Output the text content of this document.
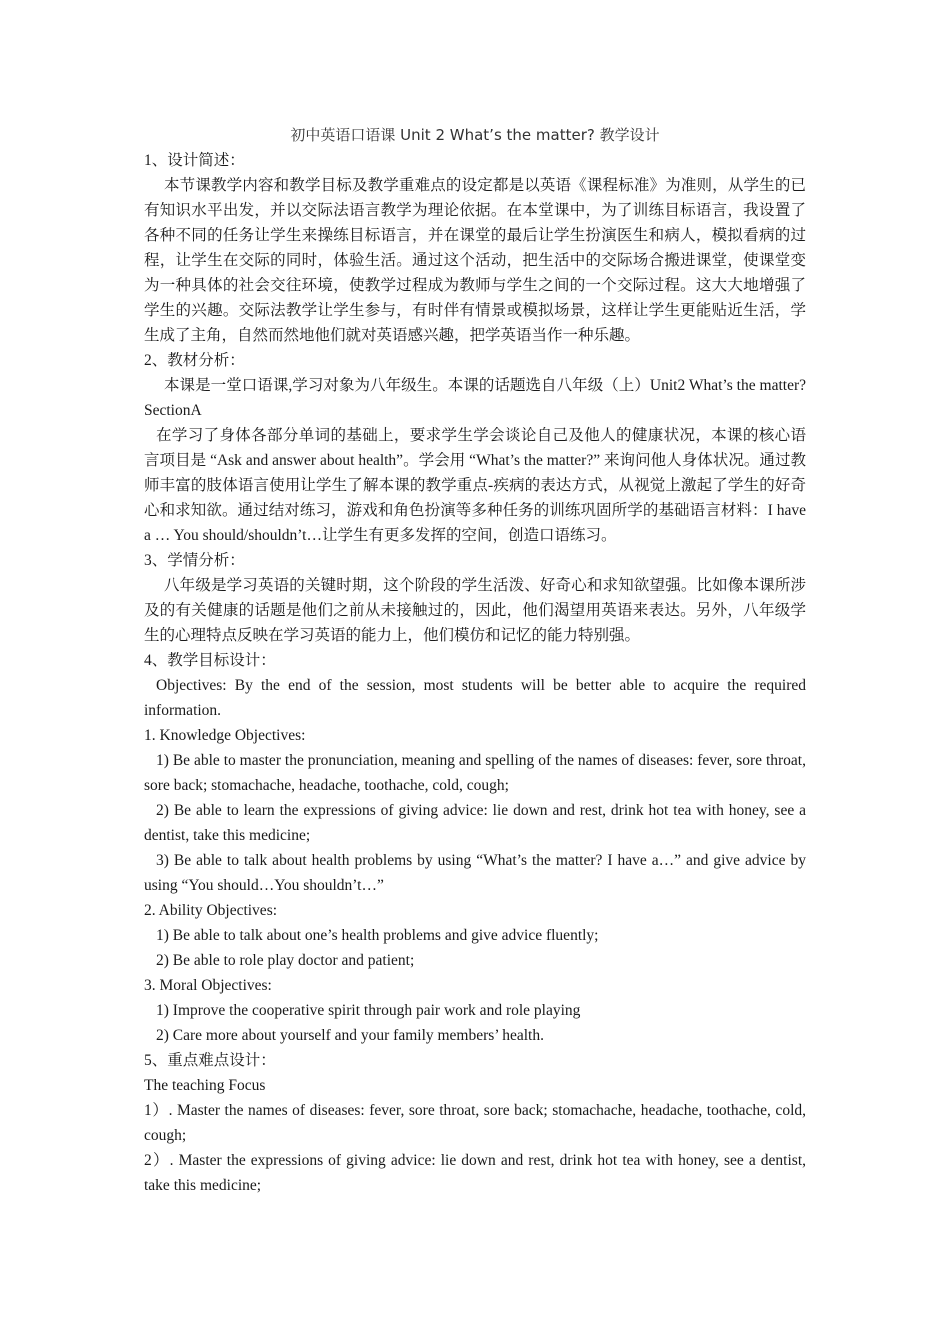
初中英语口语课 Unit 2 What’s the matter? 教学设计

1、设计简述：

本节课教学内容和教学目标及教学重难点的设定都是以英语《课程标准》为准则，从学生的已有知识水平出发，并以交际法语言教学为理论依据。在本堂课中，为了训练目标语言，我设置了各种不同的任务让学生来操练目标语言，并在课堂的最后让学生扮演医生和病人，模拟看病的过程，让学生在交际的同时，体验生活。通过这个活动，把生活中的交际场合搬进课堂，使课堂变为一种具体的社会交往环境，使教学过程成为教师与学生之间的一个交际过程。这大大地增强了学生的兴趣。交际法教学让学生参与，有时伴有情景或模拟场景，这样让学生更能贴近生活，学生成了主角，自然而然地他们就对英语感兴趣，把学英语当作一种乐趣。

2、教材分析：

本课是一堂口语课,学习对象为八年级生。本课的话题选自八年级（上）Unit2 What’s the matter? SectionA

在学习了身体各部分单词的基础上，要求学生学会谈论自己及他人的健康状况，本课的核心语言项目是 “Ask and answer about health”。学会用 “What’s the matter?” 来询问他人身体状况。通过教师丰富的肢体语言使用让学生了解本课的教学重点-疾病的表达方式，从视觉上激起了学生的好奇心和求知欲。通过结对练习，游戏和角色扮演等多种任务的训练巩固所学的基础语言材料：I have a … You should/shouldn’t…让学生有更多发挥的空间，创造口语练习。

3、学情分析：

八年级是学习英语的关键时期，这个阶段的学生活泼、好奇心和求知欲望强。比如像本课所涉及的有关健康的话题是他们之前从未接触过的，因此，他们渴望用英语来表达。另外，八年级学生的心理特点反映在学习英语的能力上，他们模仿和记忆的能力特别强。

4、教学目标设计：

Objectives: By the end of the session, most students will be better able to acquire the required information.

1. Knowledge Objectives:

1) Be able to master the pronunciation, meaning and spelling of the names of diseases: fever, sore throat, sore back; stomachache, headache, toothache, cold, cough;

2) Be able to learn the expressions of giving advice: lie down and rest, drink hot tea with honey, see a dentist, take this medicine;

3) Be able to talk about health problems by using “What’s the matter? I have a…” and give advice by using “You should…You shouldn’t…”

2. Ability Objectives:

1) Be able to talk about one’s health problems and give advice fluently;

2) Be able to role play doctor and patient;

3. Moral Objectives:

1) Improve the cooperative spirit through pair work and role playing

2) Care more about yourself and your family members’ health.

5、重点难点设计：

The teaching Focus

1）. Master the names of diseases: fever, sore throat, sore back; stomachache, headache, toothache, cold, cough;

2）. Master the expressions of giving advice: lie down and rest, drink hot tea with honey, see a dentist, take this medicine;
